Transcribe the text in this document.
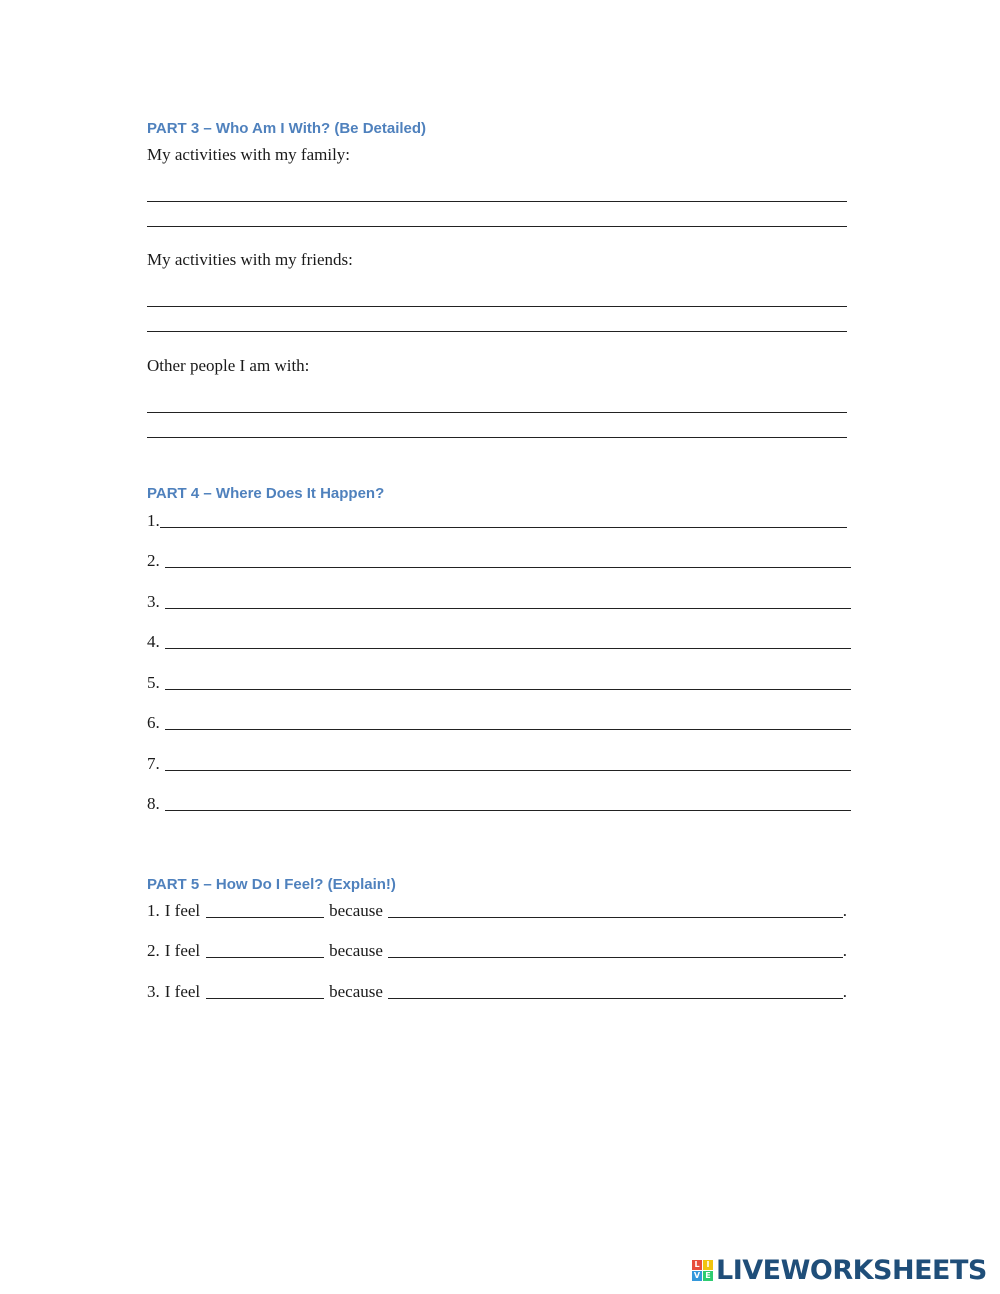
PART 3 – Who Am I With? (Be Detailed)

My activities with my family:

My activities with my friends:

Other people I am with:

PART 4 – Where Does It Happen?

1.
2.
3.
4.
5.
6.
7.
8.

PART 5 – How Do I Feel? (Explain!)

1. I feel	because	.
2. I feel	because	.
3. I feel	because	.
L I
V E LIVEWORKSHEETS
